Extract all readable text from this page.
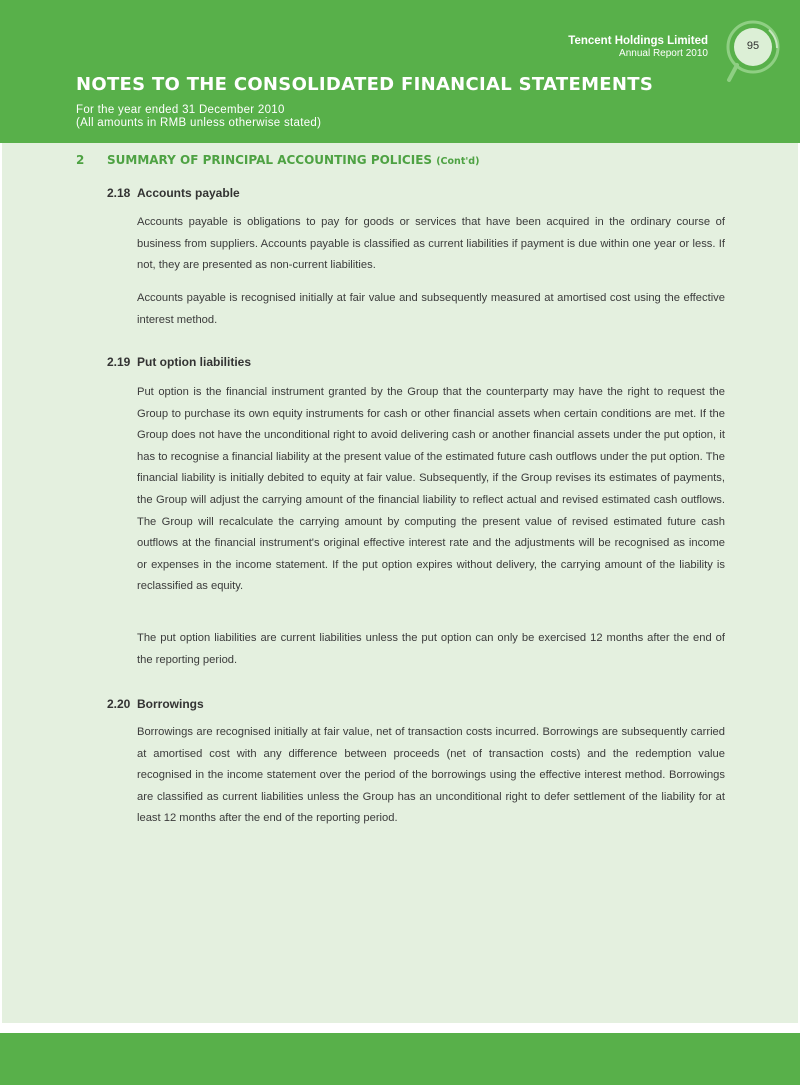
Tencent Holdings Limited
Annual Report 2010
95
NOTES TO THE CONSOLIDATED FINANCIAL STATEMENTS
For the year ended 31 December 2010
(All amounts in RMB unless otherwise stated)
2 SUMMARY OF PRINCIPAL ACCOUNTING POLICIES (Cont'd)
2.18 Accounts payable

Accounts payable is obligations to pay for goods or services that have been acquired in the ordinary course of business from suppliers. Accounts payable is classified as current liabilities if payment is due within one year or less. If not, they are presented as non-current liabilities.

Accounts payable is recognised initially at fair value and subsequently measured at amortised cost using the effective interest method.

2.19 Put option liabilities

Put option is the financial instrument granted by the Group that the counterparty may have the right to request the Group to purchase its own equity instruments for cash or other financial assets when certain conditions are met. If the Group does not have the unconditional right to avoid delivering cash or another financial assets under the put option, it has to recognise a financial liability at the present value of the estimated future cash outflows under the put option. The financial liability is initially debited to equity at fair value. Subsequently, if the Group revises its estimates of payments, the Group will adjust the carrying amount of the financial liability to reflect actual and revised estimated cash outflows. The Group will recalculate the carrying amount by computing the present value of revised estimated future cash outflows at the financial instrument's original effective interest rate and the adjustments will be recognised as income or expenses in the income statement. If the put option expires without delivery, the carrying amount of the liability is reclassified as equity.

The put option liabilities are current liabilities unless the put option can only be exercised 12 months after the end of the reporting period.

2.20 Borrowings

Borrowings are recognised initially at fair value, net of transaction costs incurred. Borrowings are subsequently carried at amortised cost with any difference between proceeds (net of transaction costs) and the redemption value recognised in the income statement over the period of the borrowings using the effective interest method. Borrowings are classified as current liabilities unless the Group has an unconditional right to defer settlement of the liability for at least 12 months after the end of the reporting period.
